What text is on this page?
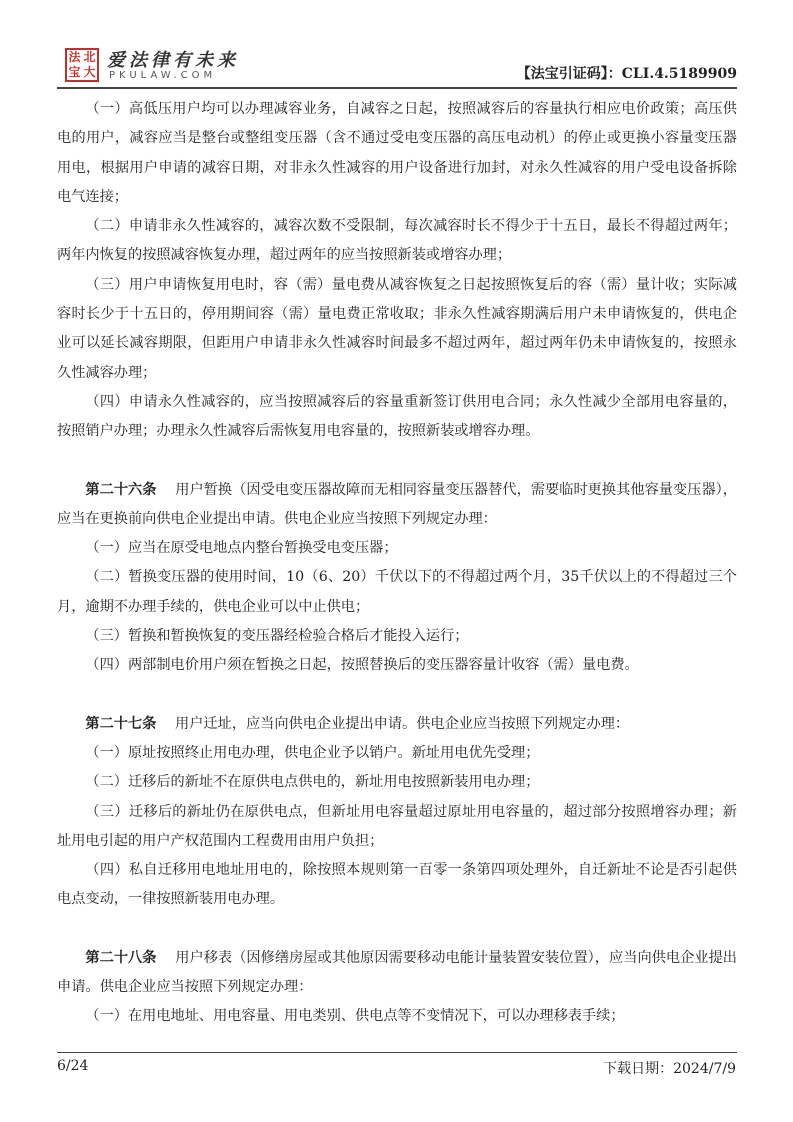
法 北
宝 大
爱法律有未来
PKULAW.COM	【法宝引证码】：CLI.4.5189909

（一）高低压用户均可以办理减容业务，自减容之日起，按照减容后的容量执行相应电价政策；高压供电的用户，减容应当是整台或整组变压器（含不通过受电变压器的高压电动机）的停止或更换小容量变压器用电，根据用户申请的减容日期，对非永久性减容的用户设备进行加封，对永久性减容的用户受电设备拆除电气连接；

（二）申请非永久性减容的，减容次数不受限制，每次减容时长不得少于十五日，最长不得超过两年；两年内恢复的按照减容恢复办理，超过两年的应当按照新装或增容办理；

（三）用户申请恢复用电时，容（需）量电费从减容恢复之日起按照恢复后的容（需）量计收；实际减容时长少于十五日的，停用期间容（需）量电费正常收取；非永久性减容期满后用户未申请恢复的，供电企业可以延长减容期限，但距用户申请非永久性减容时间最多不超过两年，超过两年仍未申请恢复的，按照永久性减容办理；

（四）申请永久性减容的，应当按照减容后的容量重新签订供用电合同；永久性减少全部用电容量的，按照销户办理；办理永久性减容后需恢复用电容量的，按照新装或增容办理。

第二十六条　 用户暂换（因受电变压器故障而无相同容量变压器替代，需要临时更换其他容量变压器），应当在更换前向供电企业提出申请。供电企业应当按照下列规定办理：

（一）应当在原受电地点内整台暂换受电变压器；

（二）暂换变压器的使用时间，10（6、20）千伏以下的不得超过两个月，35千伏以上的不得超过三个月，逾期不办理手续的，供电企业可以中止供电；

（三）暂换和暂换恢复的变压器经检验合格后才能投入运行；

（四）两部制电价用户须在暂换之日起，按照替换后的变压器容量计收容（需）量电费。

第二十七条　 用户迁址，应当向供电企业提出申请。供电企业应当按照下列规定办理：

（一）原址按照终止用电办理，供电企业予以销户。新址用电优先受理；

（二）迁移后的新址不在原供电点供电的，新址用电按照新装用电办理；

（三）迁移后的新址仍在原供电点，但新址用电容量超过原址用电容量的，超过部分按照增容办理；新址用电引起的用户产权范围内工程费用由用户负担；

（四）私自迁移用电地址用电的，除按照本规则第一百零一条第四项处理外，自迁新址不论是否引起供电点变动，一律按照新装用电办理。

第二十八条　 用户移表（因修缮房屋或其他原因需要移动电能计量装置安装位置），应当向供电企业提出申请。供电企业应当按照下列规定办理：

（一）在用电地址、用电容量、用电类别、供电点等不变情况下，可以办理移表手续；

6/24	下载日期：2024/7/9
